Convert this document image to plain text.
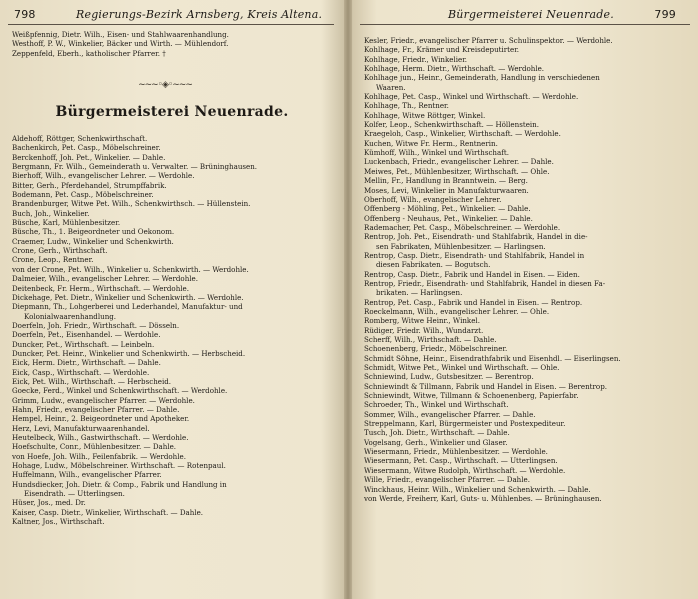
798	Regierungs-Bezirk Arnsberg, Kreis Altena.
Weißpfennig, Dietr. Wilh., Eisen- und Stahlwaarenhandlung.
Westhoff, P. W., Winkelier, Bäcker und Wirth. — Mühlendorf.
Zeppenfeld, Eberh., katholischer Pfarrer. †
~~~◦◈◦~~~
Bürgermeisterei Neuenrade.
Aldehoff, Röttger, Schenkwirthschaft.
Bachenkirch, Pet. Casp., Möbelschreiner.
Berckenhoff, Joh. Pet., Winkelier. — Dahle.
Bergmann, Fr. Wilh., Gemeinderath u. Verwalter. — Brüninghausen.
Bierhoff, Wilh., evangelischer Lehrer. — Werdohle.
Bitter, Gerh., Pferdehandel, Strumpffabrik.
Bodemann, Pet. Casp., Möbelschreiner.
Brandenburger, Witwe Pet. Wilh., Schenkwirthsch. — Hüllenstein.
Buch, Joh., Winkelier.
Büsche, Karl, Mühlenbesitzer.
Büsche, Th., 1. Beigeordneter und Oekonom.
Craemer, Ludw., Winkelier und Schenkwirth.
Crone, Gerh., Wirthschaft.
Crone, Leop., Rentner.
von der Crone, Pet. Wilh., Winkelier u. Schenkwirth. — Werdohle.
Dalmeier, Wilh., evangelischer Lehrer. — Werdohle.
Deitenbeck, Fr. Herm., Wirthschaft. — Werdohle.
Dickehage, Pet. Dietr., Winkelier und Schenkwirth. — Werdohle.
Diepmann, Th., Lohgerberei und Lederhandel, Manufaktur- und
Kolonialwaarenhandlung.
Doerfeln, Joh. Friedr., Wirthschaft. — Dösseln.
Doerfeln, Pet., Eisenhandel. — Werdohle.
Duncker, Pet., Wirthschaft. — Leinbeln.
Duncker, Pet. Heinr., Winkelier und Schenkwirth. — Herbscheid.
Eick, Herm. Dietr., Wirthschaft. — Dahle.
Eick, Casp., Wirthschaft. — Werdohle.
Eick, Pet. Wilh., Wirthschaft. — Herbscheid.
Goecke, Ferd., Winkel und Schenkwirthschaft. — Werdohle.
Grimm, Ludw., evangelischer Pfarrer. — Werdohle.
Hahn, Friedr., evangelischer Pfarrer. — Dahle.
Hempel, Heinr., 2. Beigeordneter und Apotheker.
Herz, Levi, Manufakturwaarenhandel.
Heutelbeck, Wilh., Gastwirthschaft. — Werdohle.
Hoefschulte, Conr., Mühlenbesitzer. — Dahle.
von Hoefe, Joh. Wilh., Feilenfabrik. — Werdohle.
Hohage, Ludw., Möbelschreiner. Wirthschaft. — Rotenpaul.
Huffelmann, Wilh., evangelischer Pfarrer.
Hundsdiecker, Joh. Dietr. & Comp., Fabrik und Handlung in
Eisendrath. — Utterlingsen.
Hüser, Jos., med. Dr.
Kaiser, Casp. Dietr., Winkelier, Wirthschaft. — Dahle.
Kaltner, Jos., Wirthschaft.
Bürgermeisterei Neuenrade.	799
Kesler, Friedr., evangelischer Pfarrer u. Schulinspektor. — Werdohle.
Kohlhage, Fr., Krämer und Kreisdeputirter.
Kohlhage, Friedr., Winkelier.
Kohlhage, Herm. Dietr., Wirthschaft. — Werdohle.
Kohlhage jun., Heinr., Gemeinderath, Handlung in verschiedenen
Waaren.
Kohlhage, Pet. Casp., Winkel und Wirthschaft. — Werdohle.
Kohlhage, Th., Rentner.
Kohlhage, Witwe Röttger, Winkel.
Kolfer, Leop., Schenkwirthschaft. — Höllenstein.
Kraegeloh, Casp., Winkelier, Wirthschaft. — Werdohle.
Kuchen, Witwe Fr. Herm., Rentnerin.
Kümhoff, Wilh., Winkel und Wirthschaft.
Luckenbach, Friedr., evangelischer Lehrer. — Dahle.
Meiwes, Pet., Mühlenbesitzer, Wirthschaft. — Ohle.
Mellin, Fr., Handlung in Branntwein. — Berg.
Moses, Levi, Winkelier in Manufakturwaaren.
Oberhoff, Wilh., evangelischer Lehrer.
Offenberg - Möhling, Pet., Winkelier. — Dahle.
Offenberg - Neuhaus, Pet., Winkelier. — Dahle.
Rademacher, Pet. Casp., Möbelschreiner. — Werdohle.
Rentrop, Joh. Pet., Eisendrath- und Stahlfabrik, Handel in die-
sen Fabrikaten, Mühlenbesitzer. — Harlingsen.
Rentrop, Casp. Dietr., Eisendrath- und Stahlfabrik, Handel in
diesen Fabrikaten. — Bogutsch.
Rentrop, Casp. Dietr., Fabrik und Handel in Eisen. — Eiden.
Rentrop, Friedr., Eisendrath- und Stahlfabrik, Handel in diesen Fa-
brikaten. — Harlingsen.
Rentrop, Pet. Casp., Fabrik und Handel in Eisen. — Rentrop.
Roeckelmann, Wilh., evangelischer Lehrer. — Ohle.
Romberg, Witwe Heinr., Winkel.
Rüdiger, Friedr. Wilh., Wundarzt.
Scherff, Wilh., Wirthschaft. — Dahle.
Schoenenberg, Friedr., Möbelschreiner.
Schmidt Söhne, Heinr., Eisendrathfabrik und Eisenhdl. — Eiserlingsen.
Schmidt, Witwe Pet., Winkel und Wirthschaft. — Ohle.
Schniewind, Ludw., Gutsbesitzer. — Berentrop.
Schniewindt & Tillmann, Fabrik und Handel in Eisen. — Berentrop.
Schniewindt, Witwe, Tillmann & Schoenenberg, Papierfabr.
Schroeder, Th., Winkel und Wirthschaft.
Sommer, Wilh., evangelischer Pfarrer. — Dahle.
Streppelmann, Karl, Bürgermeister und Postexpediteur.
Tusch, Joh. Dietr., Wirthschaft. — Dahle.
Vogelsang, Gerh., Winkelier und Glaser.
Wiesermann, Friedr., Mühlenbesitzer. — Werdohle.
Wiesermann, Pet. Casp., Wirthschaft. — Utterlingsen.
Wiesermann, Witwe Rudolph, Wirthschaft. — Werdohle.
Wille, Friedr., evangelischer Pfarrer. — Dahle.
Winckhaus, Heinr. Wilh., Winkelier und Schenkwirth. — Dahle.
von Werde, Freiherr, Karl, Guts- u. Mühlenbes. — Brüninghausen.
